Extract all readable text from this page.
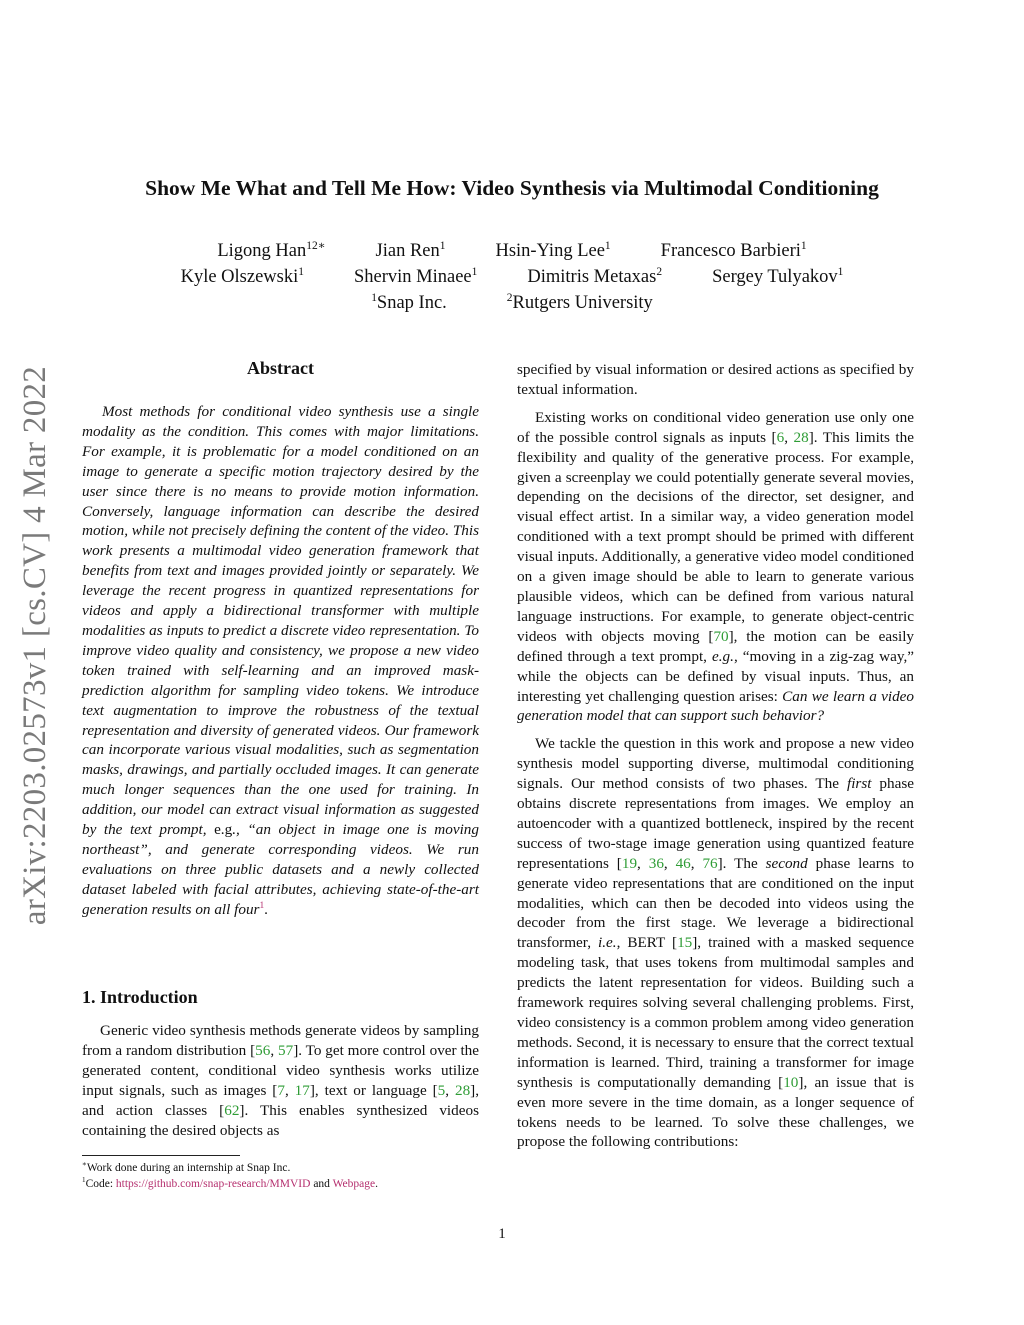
arXiv:2203.02573v1 [cs.CV] 4 Mar 2022
Show Me What and Tell Me How: Video Synthesis via Multimodal Conditioning
Ligong Han$^{12∗}$	Jian Ren$^1$	Hsin-Ying Lee$^1$	Francesco Barbieri$^1$
Kyle Olszewski$^1$	Shervin Minaee$^1$	Dimitris Metaxas$^2$	Sergey Tulyakov$^1$
$^1$Snap Inc.	$^2$Rutgers University
Abstract

Most methods for conditional video synthesis use a single modality as the condition. This comes with major limitations. For example, it is problematic for a model conditioned on an image to generate a specific motion trajectory desired by the user since there is no means to provide motion information. Conversely, language information can describe the desired motion, while not precisely defining the content of the video. This work presents a multimodal video generation framework that benefits from text and images provided jointly or separately. We leverage the recent progress in quantized representations for videos and apply a bidirectional transformer with multiple modalities as inputs to predict a discrete video representation. To improve video quality and consistency, we propose a new video token trained with self-learning and an improved mask-prediction algorithm for sampling video tokens. We introduce text augmentation to improve the robustness of the textual representation and diversity of generated videos. Our framework can incorporate various visual modalities, such as segmentation masks, drawings, and partially occluded images. It can generate much longer sequences than the one used for training. In addition, our model can extract visual information as suggested by the text prompt, e.g., “an object in image one is moving northeast”, and generate corresponding videos. We run evaluations on three public datasets and a newly collected dataset labeled with facial attributes, achieving state-of-the-art generation results on all four$^1$.

1. Introduction

Generic video synthesis methods generate videos by sampling from a random distribution [56, 57]. To get more control over the generated content, conditional video synthesis works utilize input signals, such as images [7, 17], text or language [5, 28], and action classes [62]. This enables synthesized videos containing the desired objects as

specified by visual information or desired actions as specified by textual information.

Existing works on conditional video generation use only one of the possible control signals as inputs [6, 28]. This limits the flexibility and quality of the generative process. For example, given a screenplay we could potentially generate several movies, depending on the decisions of the director, set designer, and visual effect artist. In a similar way, a video generation model conditioned with a text prompt should be primed with different visual inputs. Additionally, a generative video model conditioned on a given image should be able to learn to generate various plausible videos, which can be defined from various natural language instructions. For example, to generate object-centric videos with objects moving [70], the motion can be easily defined through a text prompt, e.g., “moving in a zig-zag way,” while the objects can be defined by visual inputs. Thus, an interesting yet challenging question arises: Can we learn a video generation model that can support such behavior?

We tackle the question in this work and propose a new video synthesis model supporting diverse, multimodal conditioning signals. Our method consists of two phases. The first phase obtains discrete representations from images. We employ an autoencoder with a quantized bottleneck, inspired by the recent success of two-stage image generation using quantized feature representations [19, 36, 46, 76]. The second phase learns to generate video representations that are conditioned on the input modalities, which can then be decoded into videos using the decoder from the first stage. We leverage a bidirectional transformer, i.e., BERT [15], trained with a masked sequence modeling task, that uses tokens from multimodal samples and predicts the latent representation for videos. Building such a framework requires solving several challenging problems. First, video consistency is a common problem among video generation methods. Second, it is necessary to ensure that the correct textual information is learned. Third, training a transformer for image synthesis is computationally demanding [10], an issue that is even more severe in the time domain, as a longer sequence of tokens needs to be learned. To solve these challenges, we propose the following contributions:

∗Work done during an internship at Snap Inc.
$^1$Code: https://github.com/snap-research/MMVID and Webpage.
1
